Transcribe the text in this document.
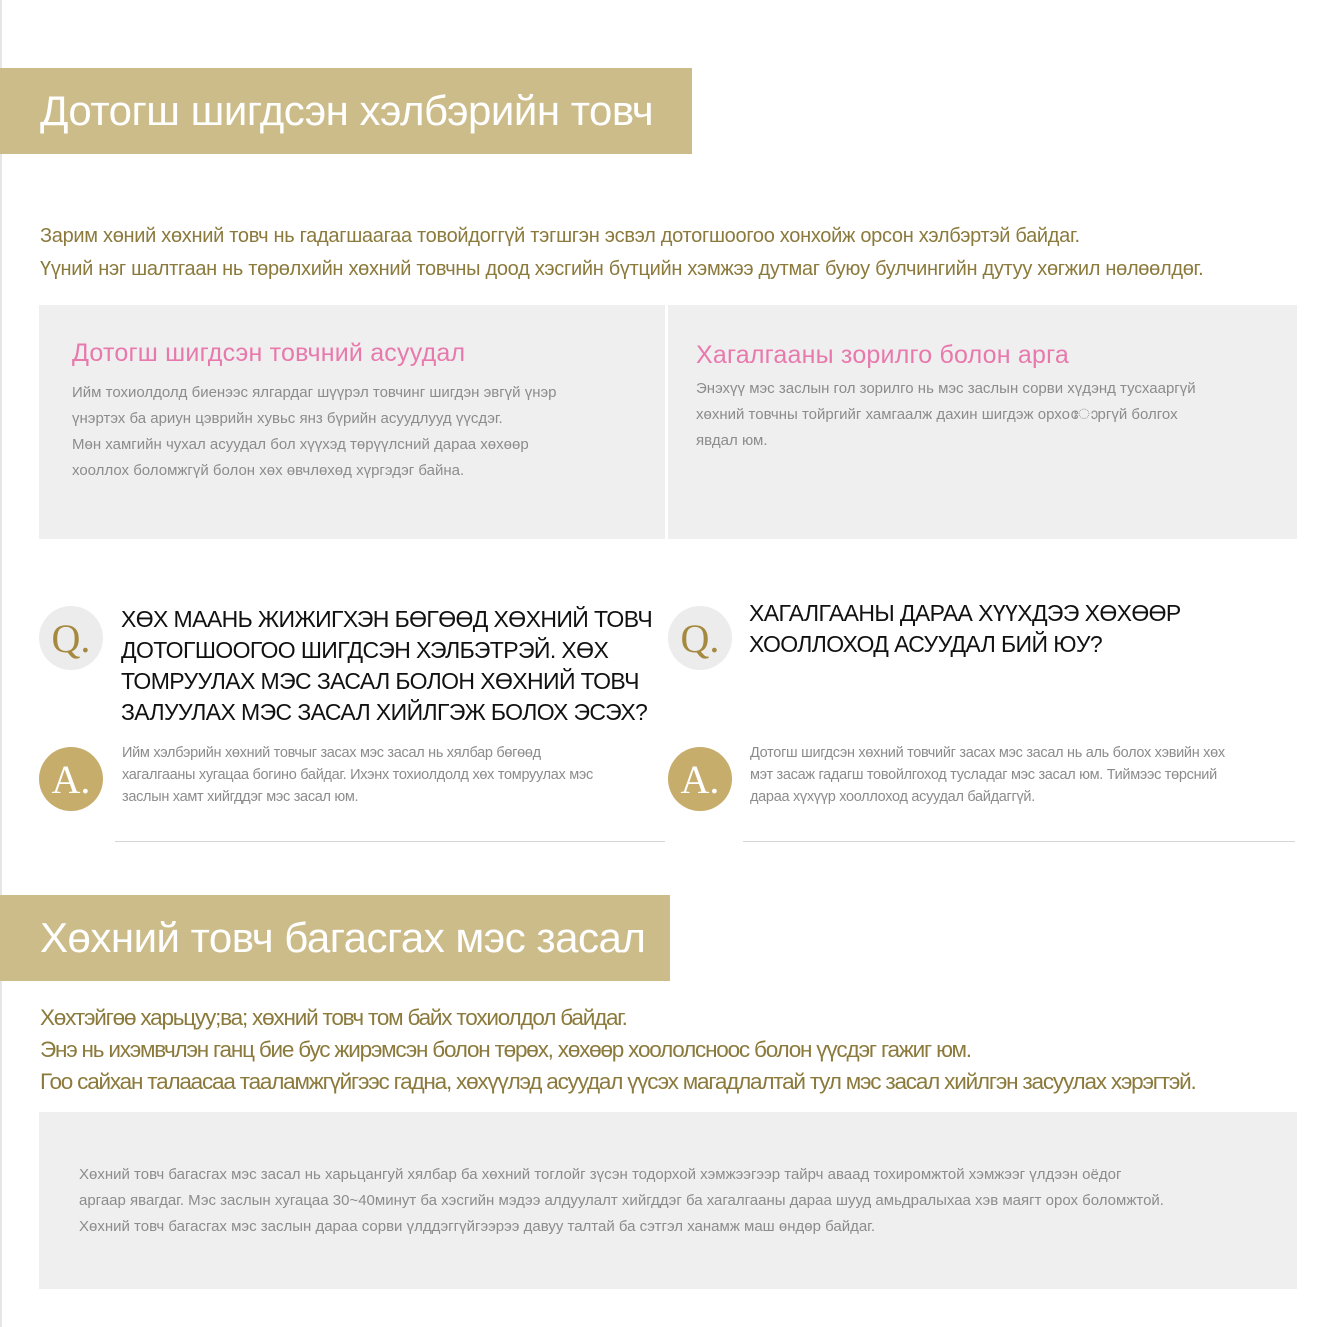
Дотогш шигдсэн хэлбэрийн товч

Зарим хөний хөхний товч нь гадагшаагаа товойдоггүй тэгшгэн эсвэл дотогшоогоо хонхойж орсон хэлбэртэй байдаг.

Үүний нэг шалтгаан нь төрөлхийн хөхний товчны доод хэсгийн бүтцийн хэмжээ дутмаг буюу булчингийн дутуу хөгжил нөлөөлдөг.

Дотогш шигдсэн товчний асуудал

Ийм тохиолдолд биенээс ялгардаг шүүрэл товчинг шигдэн эвгүй үнэр

үнэртэх ба ариун цэврийн хувьс янз бүрийн асуудлууд үүсдэг.

Мөн хамгийн чухал асуудал бол хүүхэд төрүүлсний дараа хөхөөр

хооллох боломжгүй болон хөх өвчлөхөд хүргэдэг байна.

Хагалгааны зорилго болон арга

Энэхүү мэс заслын гол зорилго нь мэс заслын сорви хүдэнд тусхааргүй

хөхний товчны тойргийг хамгаалж дахин шигдэж орхоോргүй болгох

явдал юм.

Q. ХӨХ МААНЬ ЖИЖИГХЭН БӨГӨӨД ХӨХНИЙ ТОВЧ
ДОТОГШООГОО ШИГДСЭН ХЭЛБЭТРЭЙ. ХӨХ
ТОМРУУЛАХ МЭС ЗАСАЛ БОЛОН ХӨХНИЙ ТОВЧ
ЗАЛУУЛАХ МЭС ЗАСАЛ ХИЙЛГЭЖ БОЛОХ ЭСЭХ?
A.
Ийм хэлбэрийн хөхний товчыг засах мэс засал нь хялбар бөгөөд
хагалгааны хугацаа богино байдаг. Ихэнх тохиолдолд хөх томруулах мэс
заслын хамт хийгддэг мэс засал юм.
Q.
ХАГАЛГААНЫ ДАРАА ХҮҮХДЭЭ ХӨХӨӨР
ХООЛЛОХОД АСУУДАЛ БИЙ ЮУ?
A.
Дотогш шигдсэн хөхний товчийг засах мэс засал нь аль болох хэвийн хөх
мэт засаж гадагш товойлгоход тусладаг мэс засал юм. Тиймээс төрсний
дараа хүхүүр хооллоход асуудал байдаггүй.
Хөхний товч багасгах мэс засал

Хөхтэйгөө харьцуу;ва; хөхний товч том байх тохиолдол байдаг.

Энэ нь ихэмвчлэн ганц бие бус жирэмсэн болон төрөх, хөхөөр хоололсноос болон үүсдэг гажиг юм.

Гоо сайхан талаасаа тааламжгүйгээс гадна, хөхүүлэд асуудал үүсэх магадлалтай тул мэс засал хийлгэн засуулах хэрэгтэй.

Хөхний товч багасгах мэс засал нь харьцангуй хялбар ба хөхний тоглойг зүсэн тодорхой хэмжээгээр тайрч аваад тохиромжтой хэмжээг үлдээн оёдог

аргаар явагдаг. Мэс заслын хугацаа 30~40минут ба хэсгийн мэдээ алдуулалт хийгддэг ба хагалгааны дараа шууд амьдралыхаа хэв маягт орох боломжтой.

Хөхний товч багасгах мэс заслын дараа сорви үлддэггүйгээрээ давуу талтай ба сэтгэл ханамж маш өндөр байдаг.
